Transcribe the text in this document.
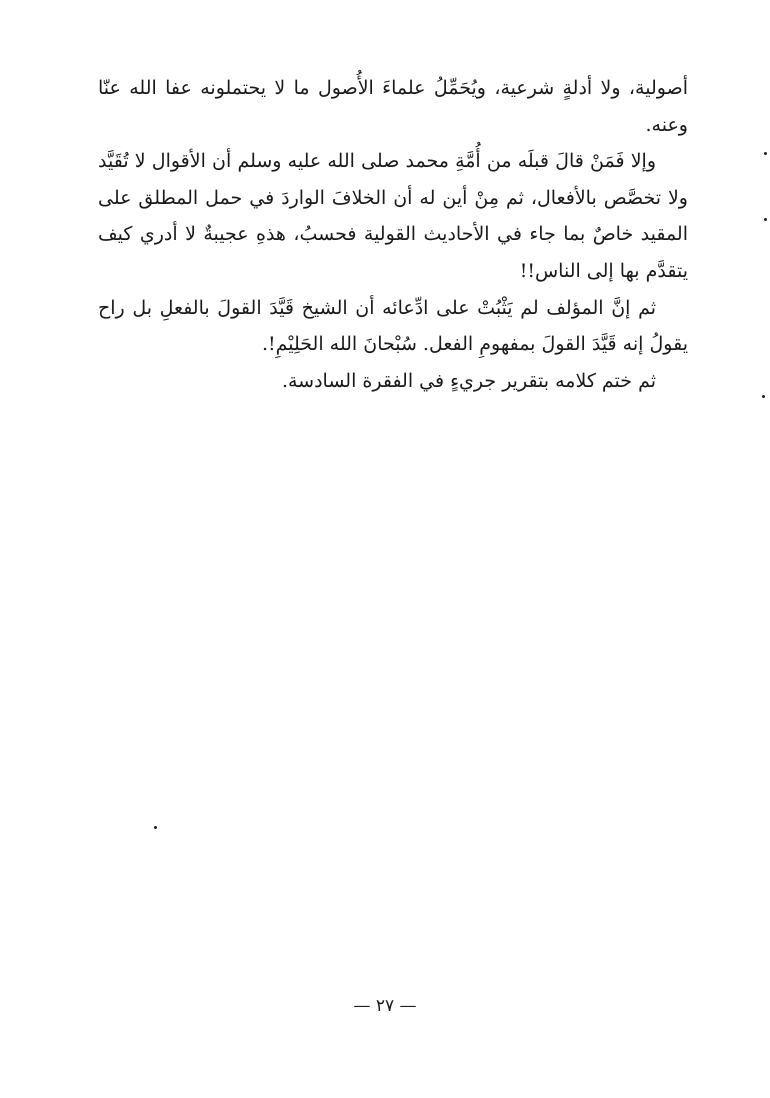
أصولية، ولا أدلةٍ شرعية، ويُحَمِّلُ علماءَ الأُصول ما لا يحتملونه عفا الله عنّا وعنه.

وإلا فَمَنْ قالَ قبلَه من أُمَّةِ محمد صلى الله عليه وسلم أن الأقوال لا تُقَيَّد ولا تخصَّص بالأفعال، ثم مِنْ أين له أن الخلافَ الواردَ في حمل المطلق على المقيد خاصٌ بما جاء في الأحاديث القولية فحسبُ، هذهِ عجيبةٌ لا أدري كيف يتقدَّم بها إلى الناس!!

ثم إنَّ المؤلف لم يَثْبُتْ على ادِّعائه أن الشيخ قَيَّدَ القولَ بالفعلِ بل راح يقولُ إنه قَيَّدَ القولَ بمفهومِ الفعل. سُبْحانَ الله الحَلِيْمِ!.

ثم ختم كلامه بتقرير جريءٍ في الفقرة السادسة.

— ٢٧ —
